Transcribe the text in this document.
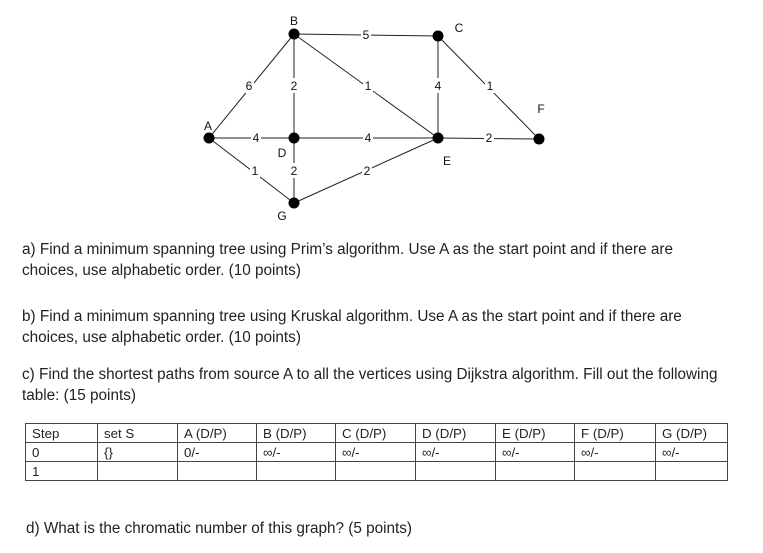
6
4
1
5
2	1	4	1
4
2
2
2
A
B	C
D
E
F
G

a) Find a minimum spanning tree using Prim’s algorithm. Use A as the start point and if there are choices, use alphabetic order. (10 points)

b) Find a minimum spanning tree using Kruskal algorithm. Use A as the start point and if there are choices, use alphabetic order. (10 points)

c) Find the shortest paths from source A to all the vertices using Dijkstra algorithm. Fill out the following table: (15 points)

Step	set S	A (D/P)	B (D/P)	C (D/P)	D (D/P)	E (D/P)	F (D/P)	G (D/P)
0	{}	0/-	∞/-	∞/-	∞/-	∞/-	∞/-	∞/-
1								

d) What is the chromatic number of this graph? (5 points)
